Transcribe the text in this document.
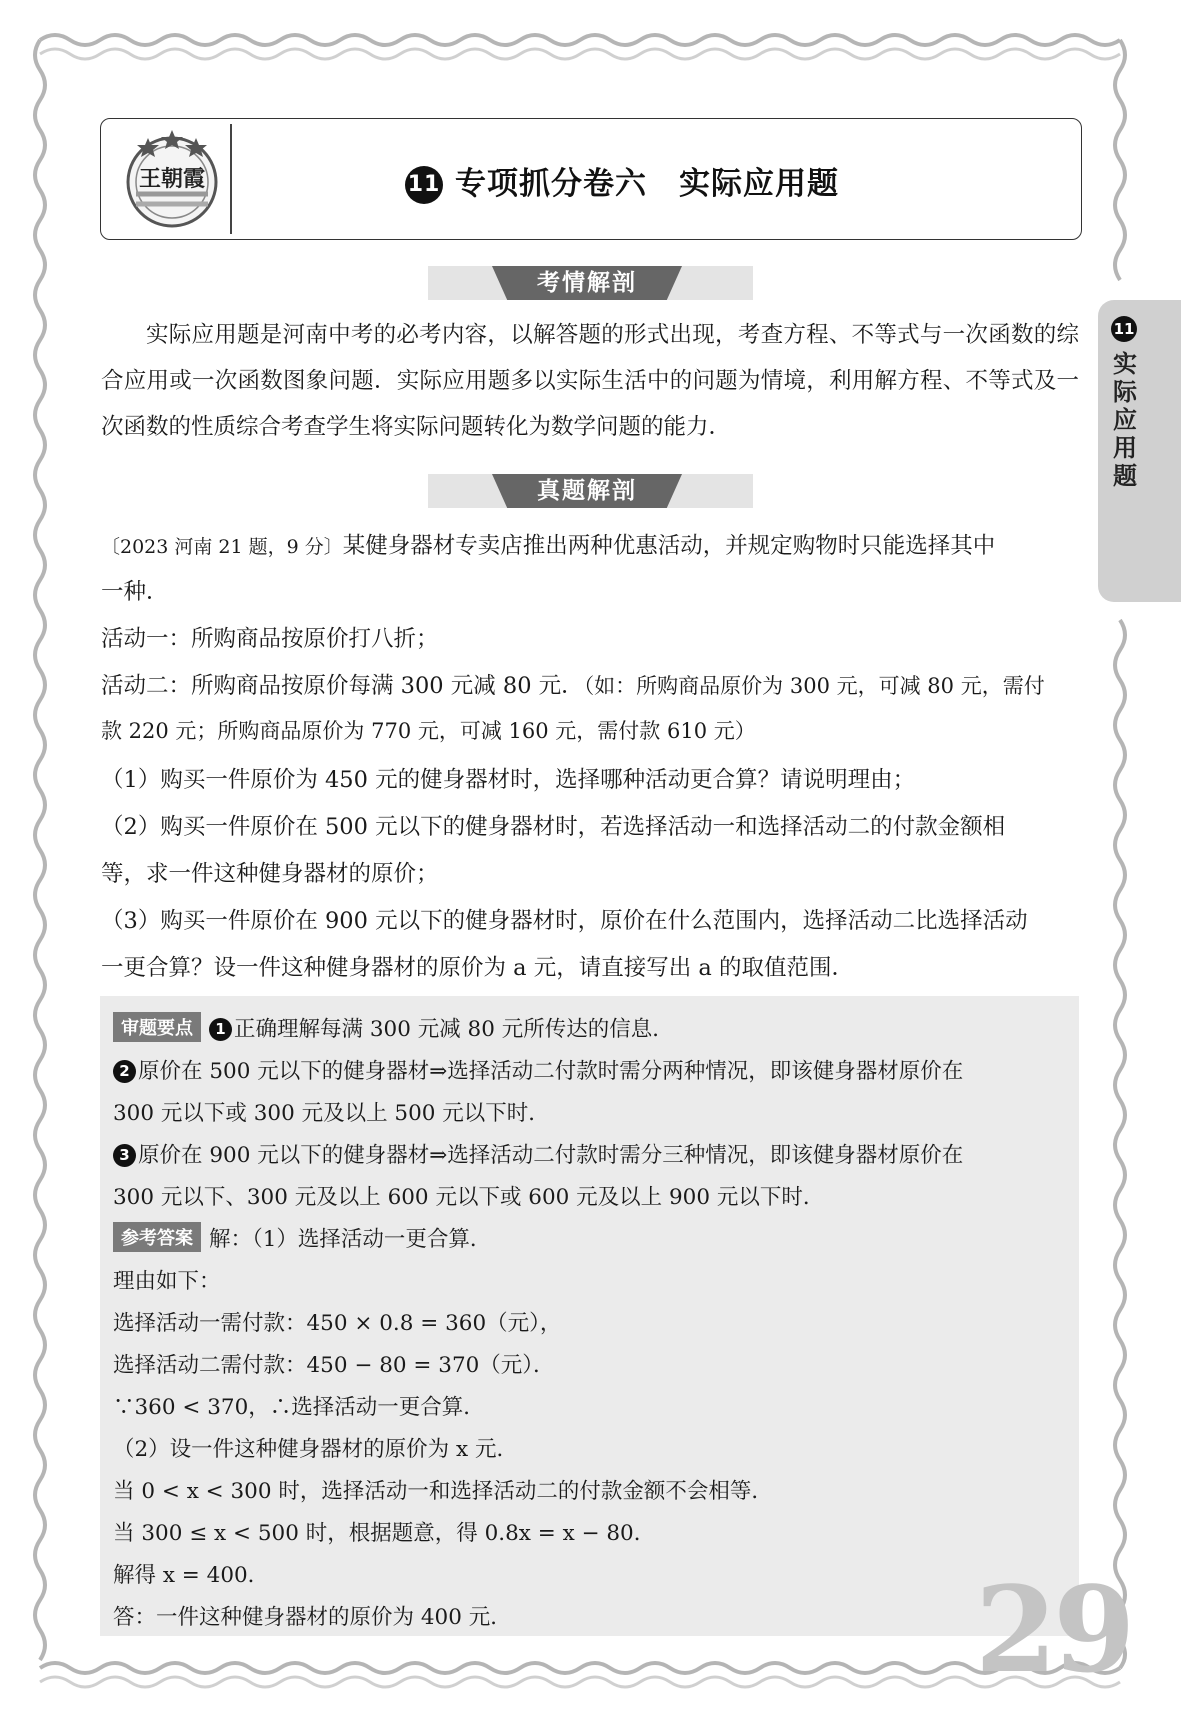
王朝霞	11 专项抓分卷六　实际应用题
11
实
际
应
用
题
考情解剖
实际应用题是河南中考的必考内容，以解答题的形式出现，考查方程、不等式与一次函数的综合应用或一次函数图象问题．实际应用题多以实际生活中的问题为情境，利用解方程、不等式及一次函数的性质综合考查学生将实际问题转化为数学问题的能力．
真题解剖
〔2023 河南 21 题，9 分〕某健身器材专卖店推出两种优惠活动，并规定购物时只能选择其中
一种．
活动一：所购商品按原价打八折；
活动二：所购商品按原价每满 300 元减 80 元．（如：所购商品原价为 300 元，可减 80 元，需付
款 220 元；所购商品原价为 770 元，可减 160 元，需付款 610 元）
（1）购买一件原价为 450 元的健身器材时，选择哪种活动更合算？请说明理由；
（2）购买一件原价在 500 元以下的健身器材时，若选择活动一和选择活动二的付款金额相
等，求一件这种健身器材的原价；
（3）购买一件原价在 900 元以下的健身器材时，原价在什么范围内，选择活动二比选择活动
一更合算？设一件这种健身器材的原价为 a 元，请直接写出 a 的取值范围．
审题要点 1 正确理解每满 300 元减 80 元所传达的信息．
2 原价在 500 元以下的健身器材⇒选择活动二付款时需分两种情况，即该健身器材原价在
300 元以下或 300 元及以上 500 元以下时．
3 原价在 900 元以下的健身器材⇒选择活动二付款时需分三种情况，即该健身器材原价在
300 元以下、300 元及以上 600 元以下或 600 元及以上 900 元以下时．
参考答案 解：（1）选择活动一更合算．
理由如下：
选择活动一需付款：450 × 0.8 = 360（元），
选择活动二需付款：450 − 80 = 370（元）．
∵360 < 370，∴选择活动一更合算．
（2）设一件这种健身器材的原价为 x 元．
当 0 < x < 300 时，选择活动一和选择活动二的付款金额不会相等．
当 300 ≤ x < 500 时，根据题意，得 0.8x = x − 80．
解得 x = 400．
答：一件这种健身器材的原价为 400 元．	29
